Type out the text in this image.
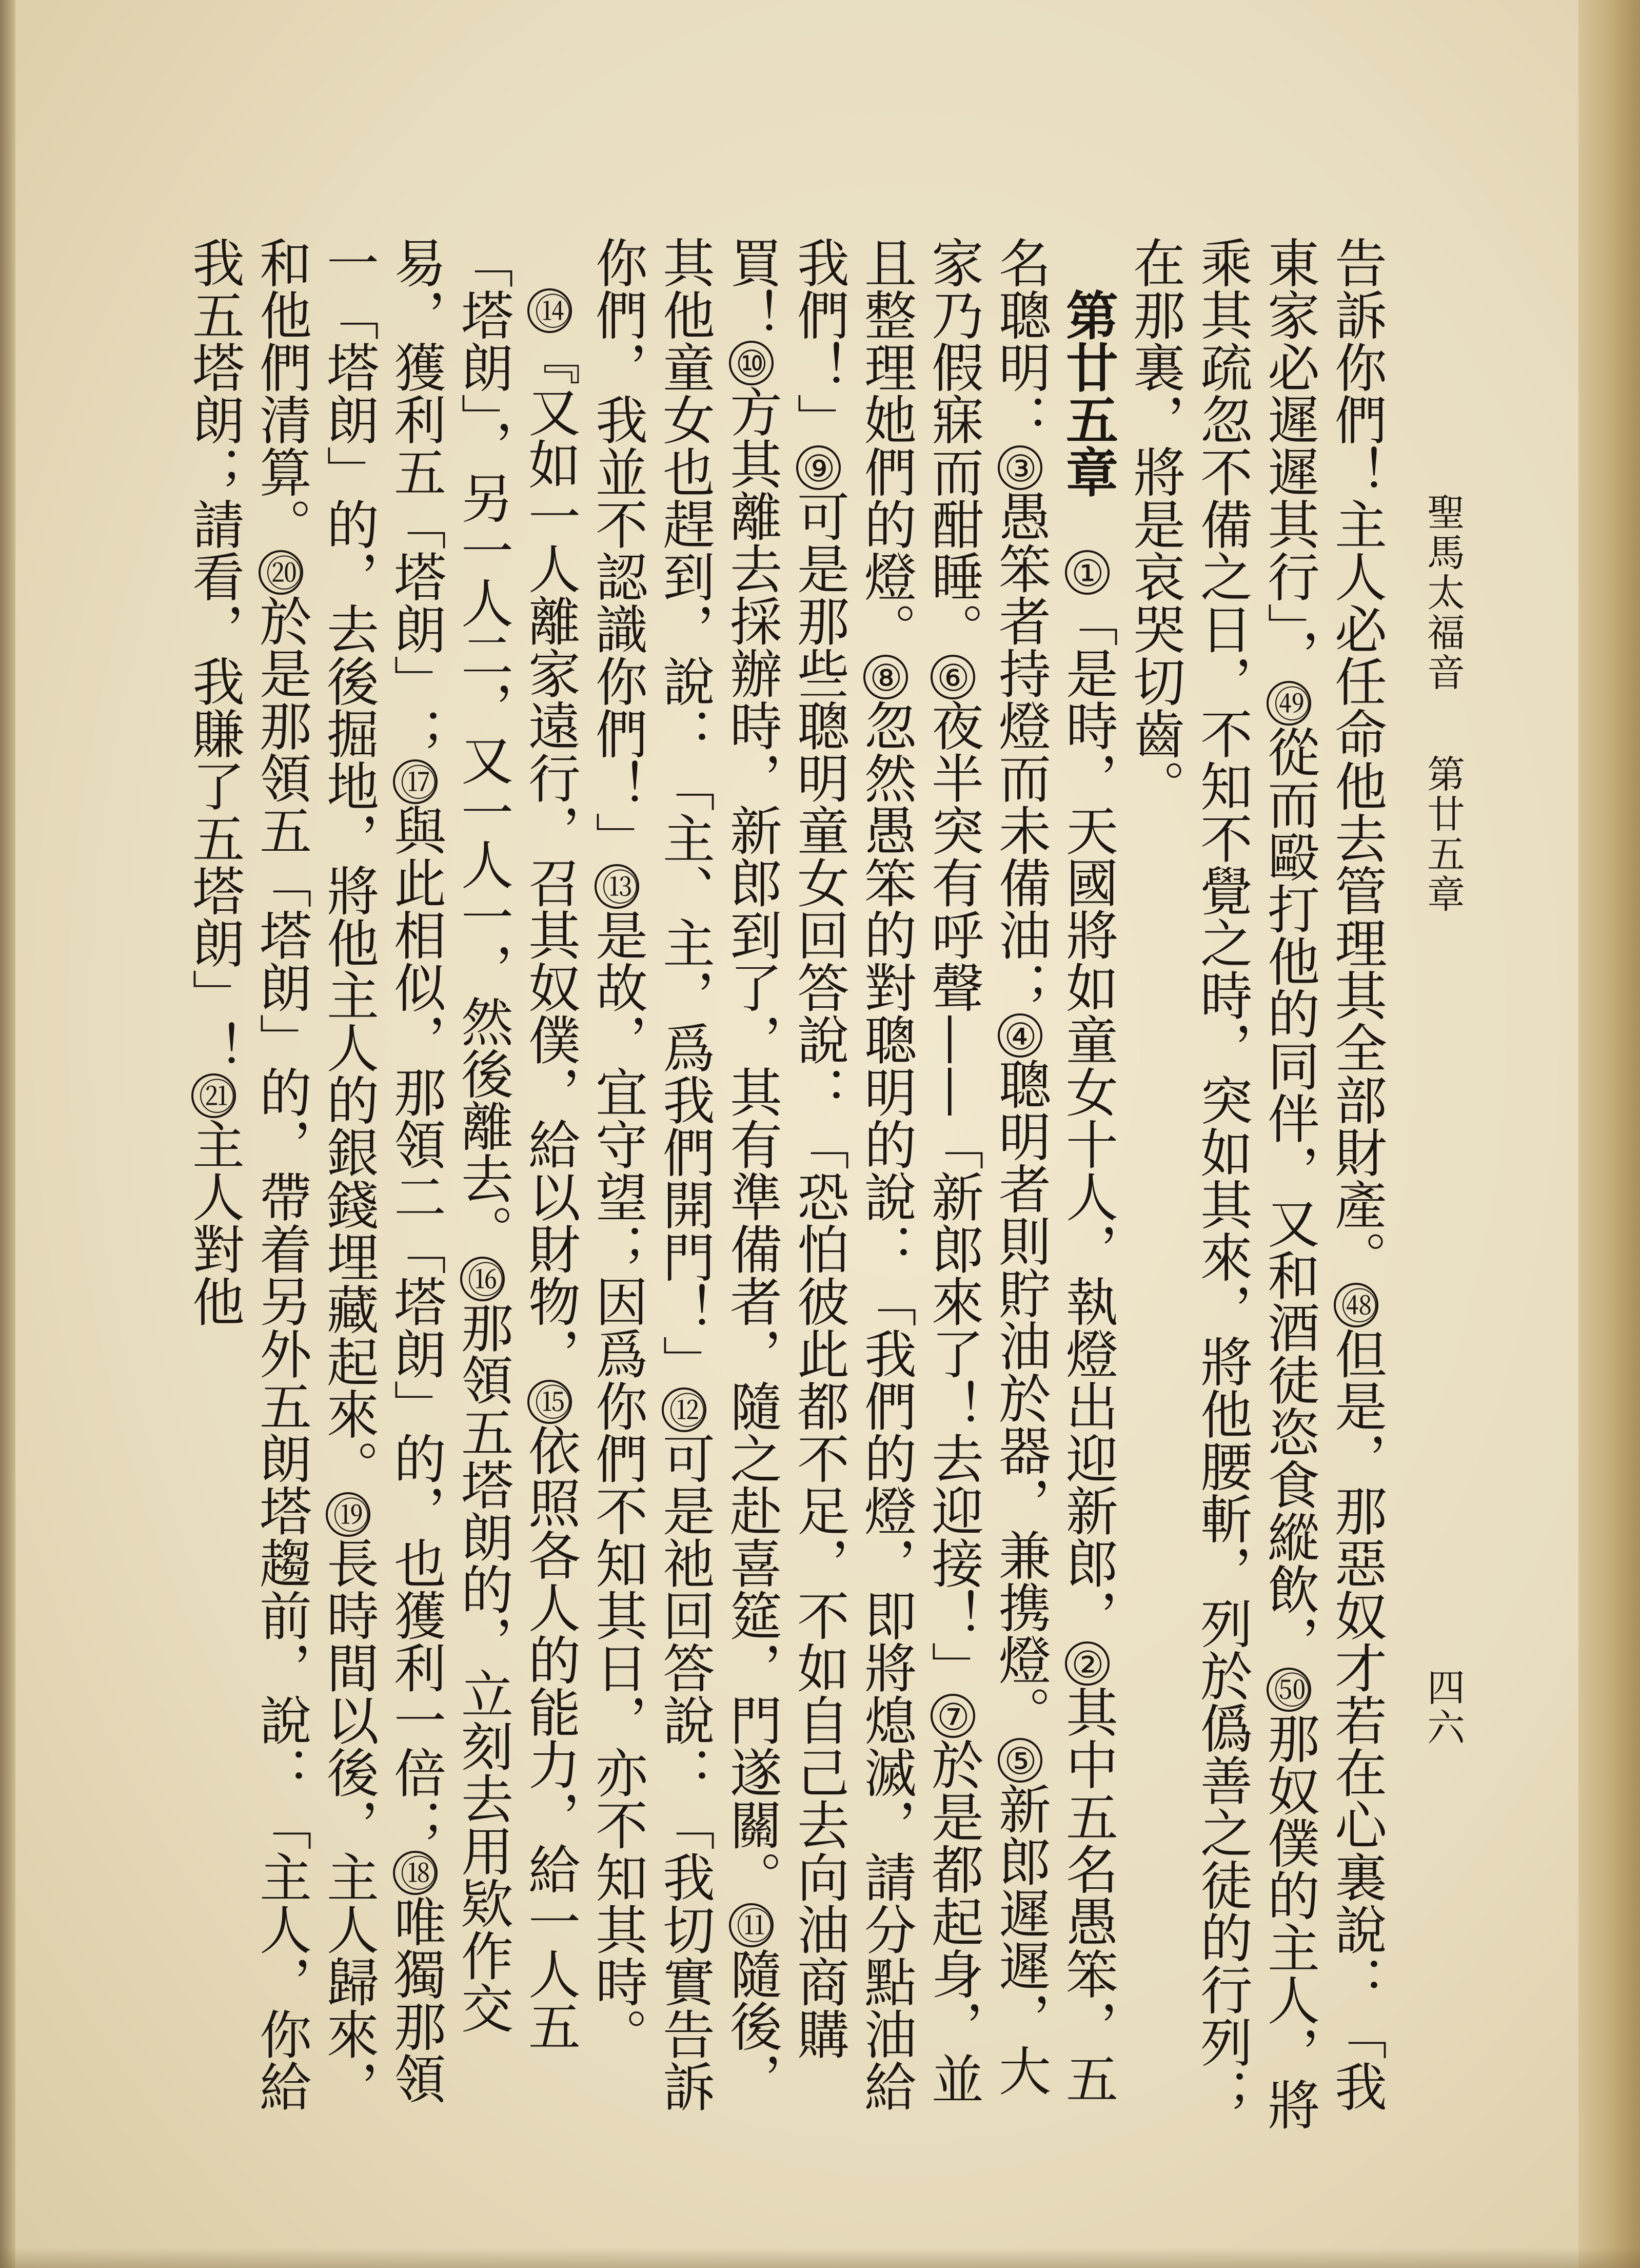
聖馬太福音
第廿五章
四六

告訴你們！主人必任命他去管理其全部財產。㊽但是，那惡奴才若在心裏說：「我東家必遲遲其行」，㊾從而毆打他的同伴，又和酒徒恣食縱飲，㊿那奴僕的主人，將乘其疏忽不備之日，不知不覺之時，突如其來，將他腰斬，列於僞善之徒的行列；在那裏，將是哀哭切齒。

　第廿五章　①「是時，天國將如童女十人，執燈出迎新郎，②其中五名愚笨，五名聰明：③愚笨者持燈而未備油；④聰明者則貯油於器，兼携燈。⑤新郎遲遲，大家乃假寐而酣睡。⑥夜半突有呼聲——「新郎來了！去迎接！」⑦於是都起身，並且整理她們的燈。⑧忽然愚笨的對聰明的說：「我們的燈，即將熄滅，請分點油給我們！」⑨可是那些聰明童女回答說：「恐怕彼此都不足，不如自己去向油商購買！⑩方其離去採辦時，新郎到了，其有準備者，隨之赴喜筵，門遂關。⑪隨後，其他童女也趕到，說：「主、主，爲我們開門！」⑫可是祂回答說：「我切實告訴你們，我並不認識你們！」⑬是故，宜守望；因爲你們不知其日，亦不知其時。

　⑭『又如一人離家遠行，召其奴僕，給以財物，⑮依照各人的能力，給一人五「塔朗」，另一人二，又一人一，然後離去。⑯那領五塔朗的，立刻去用欵作交易，獲利五「塔朗」；⑰與此相似，那領二「塔朗」的，也獲利一倍；⑱唯獨那領一「塔朗」的，去後掘地，將他主人的銀錢埋藏起來。⑲長時間以後，主人歸來，和他們清算。⑳於是那領五「塔朗」的，帶着另外五朗塔趨前，說：「主人，你給我五塔朗；請看，我賺了五塔朗」！㉑主人對他
